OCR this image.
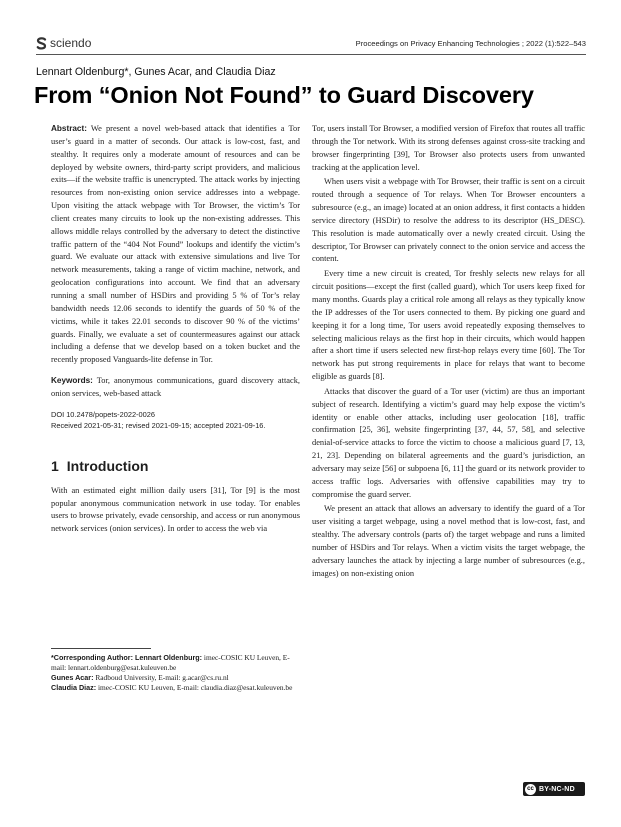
sciendo	Proceedings on Privacy Enhancing Technologies ; 2022 (1):522–543
Lennart Oldenburg*, Gunes Acar, and Claudia Diaz
From “Onion Not Found” to Guard Discovery

Abstract: We present a novel web-based attack that identifies a Tor user’s guard in a matter of seconds. Our attack is low-cost, fast, and stealthy. It requires only a moderate amount of resources and can be deployed by website owners, third-party script providers, and malicious exits—if the website traffic is unencrypted. The attack works by injecting resources from non-existing onion service addresses into a webpage. Upon visiting the attack webpage with Tor Browser, the victim’s Tor client creates many circuits to look up the non-existing addresses. This allows middle relays controlled by the adversary to detect the distinctive traffic pattern of the “404 Not Found” lookups and identify the victim’s guard. We evaluate our attack with extensive simulations and live Tor network measurements, taking a range of victim machine, network, and geolocation configurations into account. We find that an adversary running a small number of HSDirs and providing 5 % of Tor’s relay bandwidth needs 12.06 seconds to identify the guards of 50 % of the victims, while it takes 22.01 seconds to discover 90 % of the victims’ guards. Finally, we evaluate a set of countermeasures against our attack including a defense that we develop based on a token bucket and the recently proposed Vanguards-lite defense in Tor.

Keywords: Tor, anonymous communications, guard discovery attack, onion services, web-based attack

DOI 10.2478/popets-2022-0026

Received 2021-05-31; revised 2021-09-15; accepted 2021-09-16.

1 Introduction

With an estimated eight million daily users [31], Tor [9] is the most popular anonymous communication network in use today. Tor enables users to browse privately, evade censorship, and access or run anonymous network services (onion services). In order to access the web via

*Corresponding Author: Lennart Oldenburg: imec-COSIC KU Leuven, E-mail: lennart.oldenburg@esat.kuleuven.be

Gunes Acar: Radboud University, E-mail: g.acar@cs.ru.nl

Claudia Diaz: imec-COSIC KU Leuven, E-mail: claudia.diaz@esat.kuleuven.be

Tor, users install Tor Browser, a modified version of Firefox that routes all traffic through the Tor network. With its strong defenses against cross-site tracking and browser fingerprinting [39], Tor Browser also protects users from unwanted tracking at the application level.

When users visit a webpage with Tor Browser, their traffic is sent on a circuit routed through a sequence of Tor relays. When Tor Browser encounters a subresource (e.g., an image) located at an onion address, it first contacts a hidden service directory (HSDir) to resolve the address to its descriptor (HS_DESC). This resolution is made automatically over a newly created circuit. Using the descriptor, Tor Browser can privately connect to the onion service and access the content.

Every time a new circuit is created, Tor freshly selects new relays for all circuit positions—except the first (called guard), which Tor users keep fixed for many months. Guards play a critical role among all relays as they typically know the IP addresses of the Tor users connected to them. By picking one guard and keeping it for a long time, Tor users avoid repeatedly exposing themselves to selecting malicious relays as the first hop in their circuits, which would happen after a short time if users selected new first-hop relays every time [60]. The Tor network has put strong requirements in place for relays that want to become eligible as guards [8].

Attacks that discover the guard of a Tor user (victim) are thus an important subject of research. Identifying a victim’s guard may help expose the victim’s identity or enable other attacks, including user geolocation [18], traffic confirmation [25, 36], website fingerprinting [37, 44, 57, 58], and selective denial-of-service attacks to force the victim to choose a malicious guard [7, 13, 21, 23]. Depending on bilateral agreements and the guard’s jurisdiction, an adversary may seize [56] or subpoena [6, 11] the guard or its network provider to access traffic logs. Adversaries with offensive capabilities may try to compromise the guard server.

We present an attack that allows an adversary to identify the guard of a Tor user visiting a target webpage, using a novel method that is low-cost, fast, and stealthy. The adversary controls (parts of) the target webpage and runs a limited number of HSDirs and Tor relays. When a victim visits the target webpage, the adversary launches the attack by injecting a large number of subresources (e.g., images) on non-existing onion

cc BY-NC-ND
